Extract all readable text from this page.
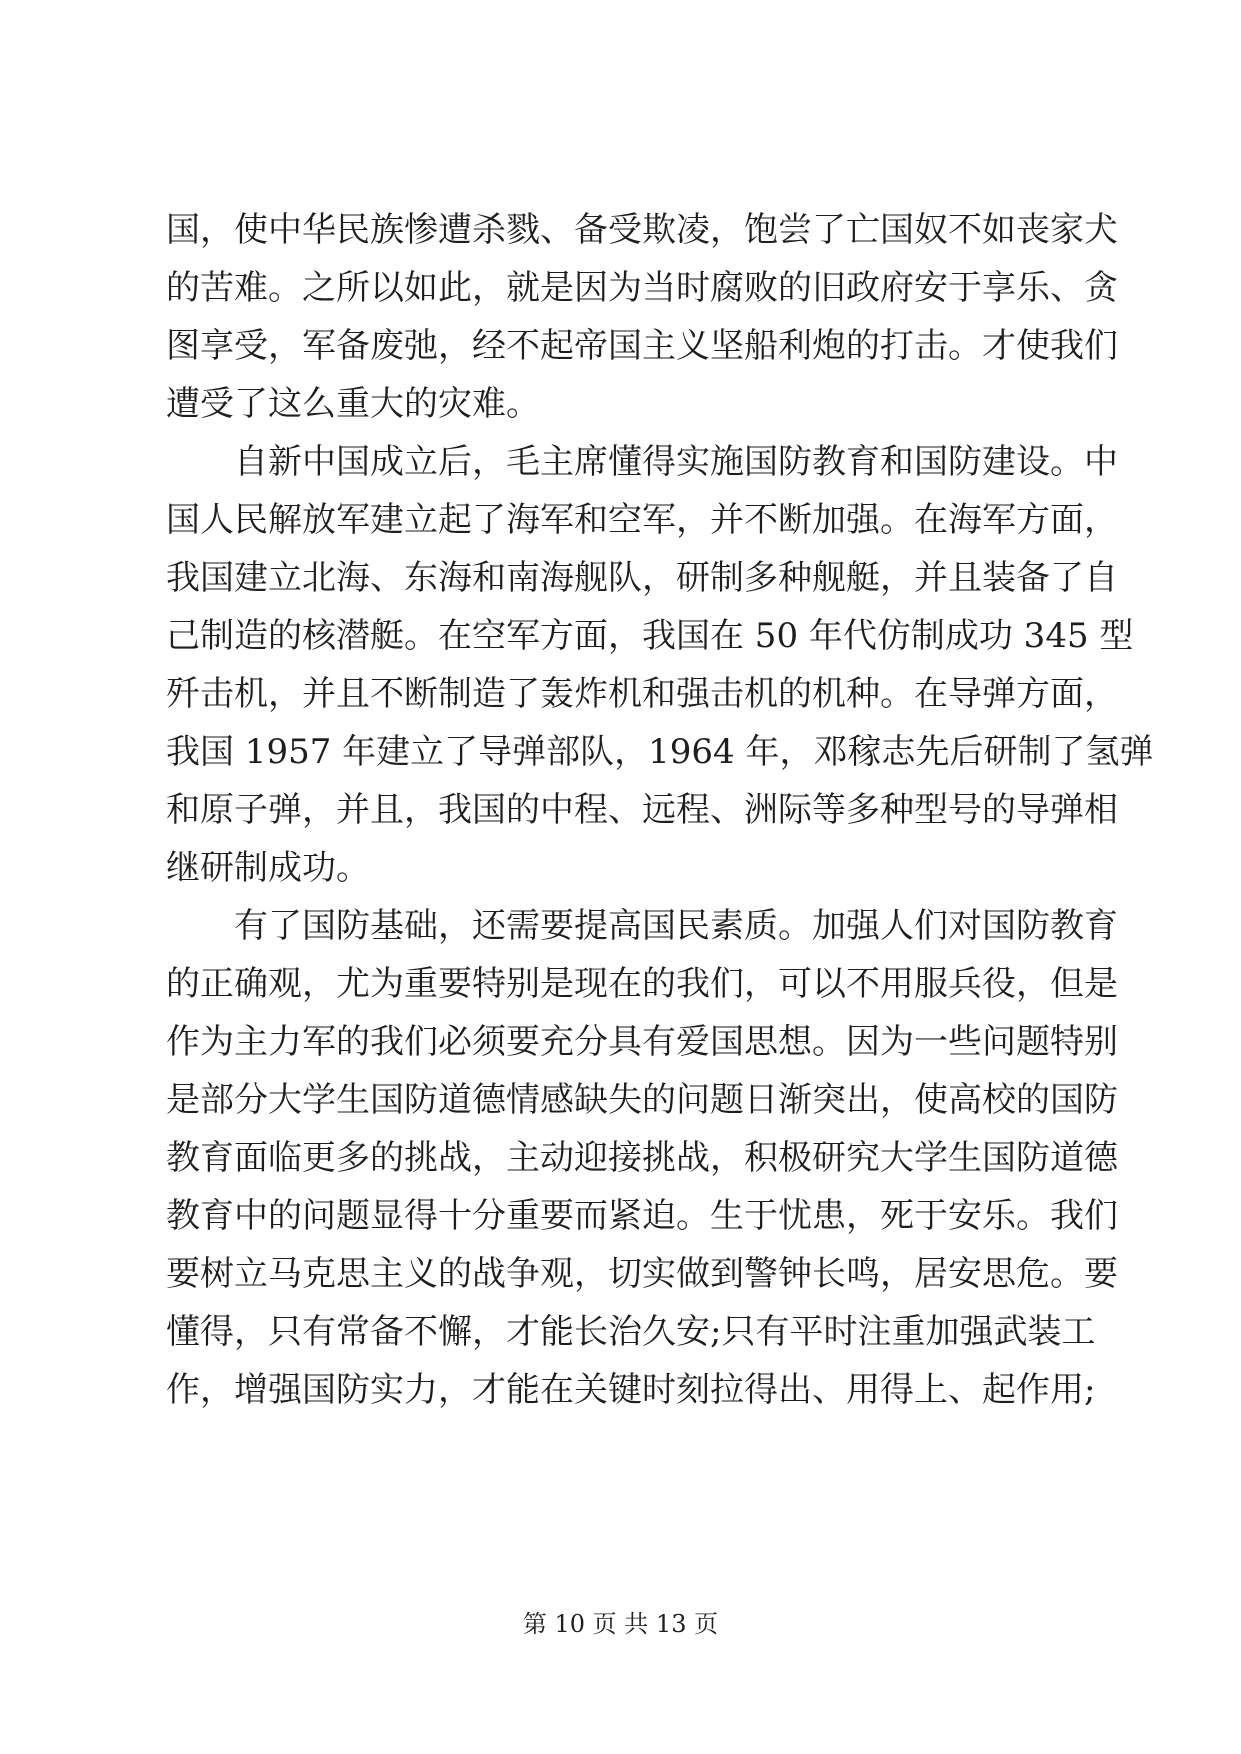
国，使中华民族惨遭杀戮、备受欺凌，饱尝了亡国奴不如丧家犬
的苦难。之所以如此，就是因为当时腐败的旧政府安于享乐、贪
图享受，军备废弛，经不起帝国主义坚船利炮的打击。才使我们
遭受了这么重大的灾难。
自新中国成立后，毛主席懂得实施国防教育和国防建设。中
国人民解放军建立起了海军和空军，并不断加强。在海军方面，
我国建立北海、东海和南海舰队，研制多种舰艇，并且装备了自
己制造的核潜艇。在空军方面，我国在 50 年代仿制成功 345 型
歼击机，并且不断制造了轰炸机和强击机的机种。在导弹方面，
我国 1957 年建立了导弹部队，1964 年，邓稼志先后研制了氢弹
和原子弹，并且，我国的中程、远程、洲际等多种型号的导弹相
继研制成功。
有了国防基础，还需要提高国民素质。加强人们对国防教育
的正确观，尤为重要特别是现在的我们，可以不用服兵役，但是
作为主力军的我们必须要充分具有爱国思想。因为一些问题特别
是部分大学生国防道德情感缺失的问题日渐突出，使高校的国防
教育面临更多的挑战，主动迎接挑战，积极研究大学生国防道德
教育中的问题显得十分重要而紧迫。生于忧患，死于安乐。我们
要树立马克思主义的战争观，切实做到警钟长鸣，居安思危。要
懂得，只有常备不懈，才能长治久安;只有平时注重加强武装工
作，增强国防实力，才能在关键时刻拉得出、用得上、起作用;
第 10 页 共 13 页
